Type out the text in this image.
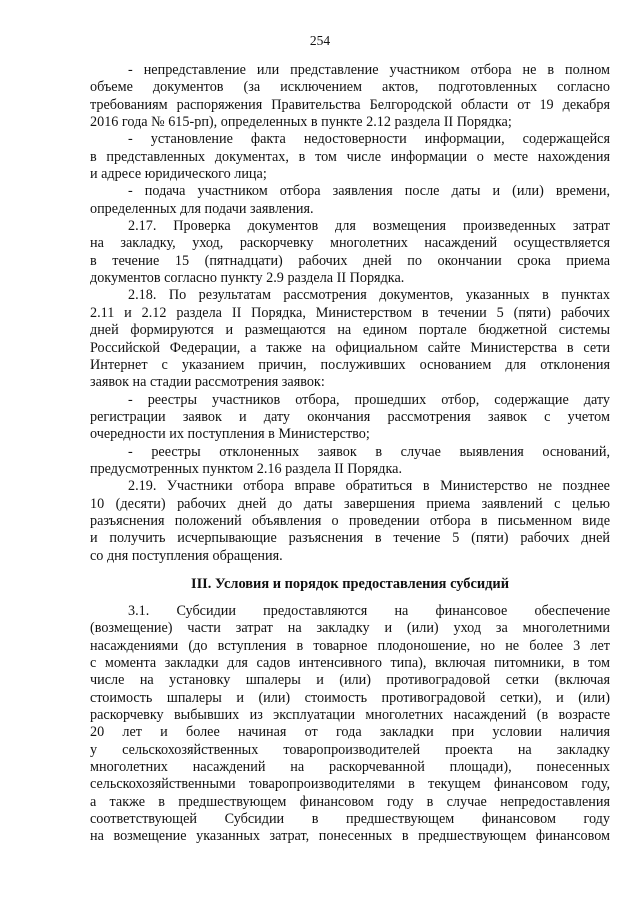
254
- непредставление или представление участником отбора не в полном
объеме документов (за исключением актов, подготовленных согласно
требованиям распоряжения Правительства Белгородской области от 19 декабря
2016 года № 615-рп), определенных в пункте 2.12 раздела II Порядка;
- установление факта недостоверности информации, содержащейся
в представленных документах, в том числе информации о месте нахождения
и адресе юридического лица;
- подача участником отбора заявления после даты и (или) времени,
определенных для подачи заявления.
2.17. Проверка документов для возмещения произведенных затрат
на закладку, уход, раскорчевку многолетних насаждений осуществляется
в течение 15 (пятнадцати) рабочих дней по окончании срока приема
документов согласно пункту 2.9 раздела II Порядка.
2.18. По результатам рассмотрения документов, указанных в пунктах
2.11 и 2.12 раздела II Порядка, Министерством в течении 5 (пяти) рабочих
дней формируются и размещаются на едином портале бюджетной системы
Российской Федерации, а также на официальном сайте Министерства в сети
Интернет с указанием причин, послуживших основанием для отклонения
заявок на стадии рассмотрения заявок:
- реестры участников отбора, прошедших отбор, содержащие дату
регистрации заявок и дату окончания рассмотрения заявок с учетом
очередности их поступления в Министерство;
- реестры отклоненных заявок в случае выявления оснований,
предусмотренных пунктом 2.16 раздела II Порядка.
2.19. Участники отбора вправе обратиться в Министерство не позднее
10 (десяти) рабочих дней до даты завершения приема заявлений с целью
разъяснения положений объявления о проведении отбора в письменном виде
и получить исчерпывающие разъяснения в течение 5 (пяти) рабочих дней
со дня поступления обращения.
III. Условия и порядок предоставления субсидий
3.1. Субсидии предоставляются на финансовое обеспечение
(возмещение) части затрат на закладку и (или) уход за многолетними
насаждениями (до вступления в товарное плодоношение, но не более 3 лет
с момента закладки для садов интенсивного типа), включая питомники, в том
числе на установку шпалеры и (или) противоградовой сетки (включая
стоимость шпалеры и (или) стоимость противоградовой сетки), и (или)
раскорчевку выбывших из эксплуатации многолетних насаждений (в возрасте
20 лет и более начиная от года закладки при условии наличия
у сельскохозяйственных товаропроизводителей проекта на закладку
многолетних насаждений на раскорчеванной площади), понесенных
сельскохозяйственными товаропроизводителями в текущем финансовом году,
а также в предшествующем финансовом году в случае непредоставления
соответствующей Субсидии в предшествующем финансовом году
на возмещение указанных затрат, понесенных в предшествующем финансовом
